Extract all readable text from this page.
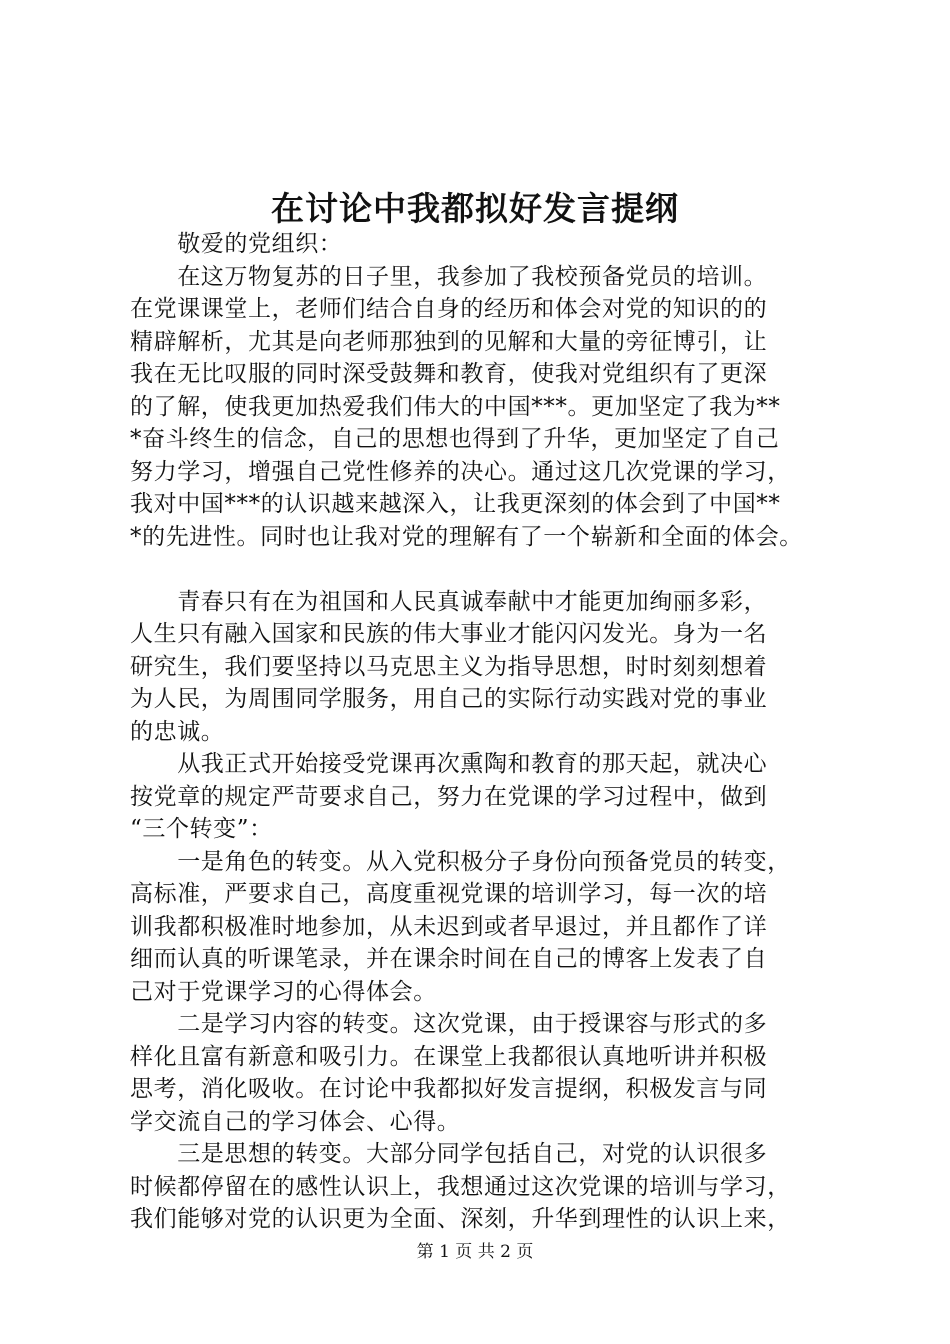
在讨论中我都拟好发言提纲
　　敬爱的党组织：
　　在这万物复苏的日子里，我参加了我校预备党员的培训。
在党课课堂上，老师们结合自身的经历和体会对党的知识的的
精辟解析，尤其是向老师那独到的见解和大量的旁征博引，让
我在无比叹服的同时深受鼓舞和教育，使我对党组织有了更深
的了解，使我更加热爱我们伟大的中国***。更加坚定了我为**
*奋斗终生的信念，自己的思想也得到了升华，更加坚定了自己
努力学习，增强自己党性修养的决心。通过这几次党课的学习，
我对中国***的认识越来越深入，让我更深刻的体会到了中国**
*的先进性。同时也让我对党的理解有了一个崭新和全面的体会。
　　青春只有在为祖国和人民真诚奉献中才能更加绚丽多彩，
人生只有融入国家和民族的伟大事业才能闪闪发光。身为一名
研究生，我们要坚持以马克思主义为指导思想，时时刻刻想着
为人民，为周围同学服务，用自己的实际行动实践对党的事业
的忠诚。
　　从我正式开始接受党课再次熏陶和教育的那天起，就决心
按党章的规定严苛要求自己，努力在党课的学习过程中，做到
“三个转变”：
　　一是角色的转变。从入党积极分子身份向预备党员的转变，
高标准，严要求自己，高度重视党课的培训学习，每一次的培
训我都积极准时地参加，从未迟到或者早退过，并且都作了详
细而认真的听课笔录，并在课余时间在自己的博客上发表了自
己对于党课学习的心得体会。
　　二是学习内容的转变。这次党课，由于授课容与形式的多
样化且富有新意和吸引力。在课堂上我都很认真地听讲并积极
思考，消化吸收。在讨论中我都拟好发言提纲，积极发言与同
学交流自己的学习体会、心得。
　　三是思想的转变。大部分同学包括自己，对党的认识很多
时候都停留在的感性认识上，我想通过这次党课的培训与学习，
我们能够对党的认识更为全面、深刻，升华到理性的认识上来，
第 1 页 共 2 页
